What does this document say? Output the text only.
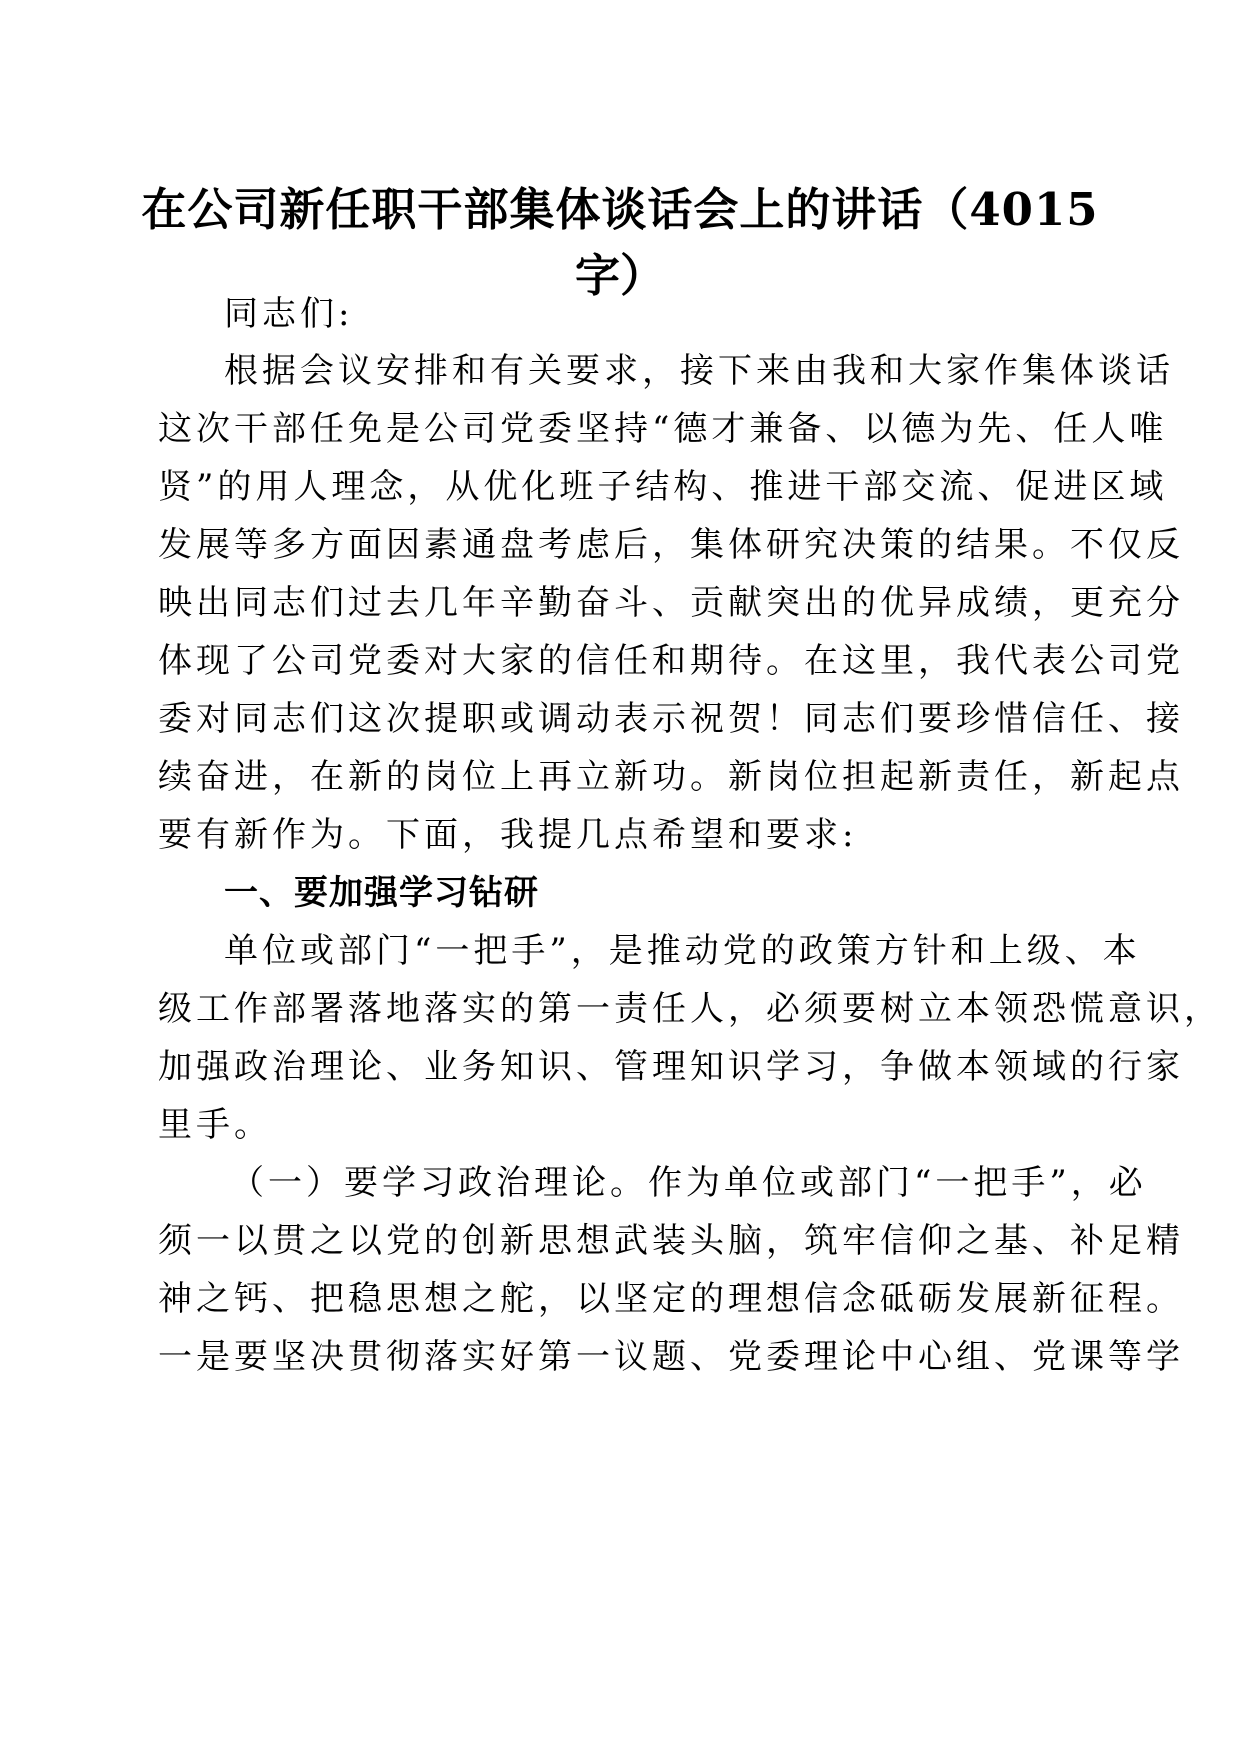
在公司新任职干部集体谈话会上的讲话（4015
字）

同志们:

根据会议安排和有关要求，接下来由我和大家作集体谈话

这次干部任免是公司党委坚持“德才兼备、以德为先、任人唯

贤”的用人理念，从优化班子结构、推进干部交流、促进区域

发展等多方面因素通盘考虑后，集体研究决策的结果。不仅反

映出同志们过去几年辛勤奋斗、贡献突出的优异成绩，更充分

体现了公司党委对大家的信任和期待。在这里，我代表公司党

委对同志们这次提职或调动表示祝贺！同志们要珍惜信任、接

续奋进，在新的岗位上再立新功。新岗位担起新责任，新起点

要有新作为。下面，我提几点希望和要求:

一、要加强学习钻研

单位或部门“一把手”，是推动党的政策方针和上级、本

级工作部署落地落实的第一责任人，必须要树立本领恐慌意识，

加强政治理论、业务知识、管理知识学习，争做本领域的行家

里手。

（一）要学习政治理论。作为单位或部门“一把手”，必

须一以贯之以党的创新思想武装头脑，筑牢信仰之基、补足精

神之钙、把稳思想之舵，以坚定的理想信念砥砺发展新征程。

一是要坚决贯彻落实好第一议题、党委理论中心组、党课等学
